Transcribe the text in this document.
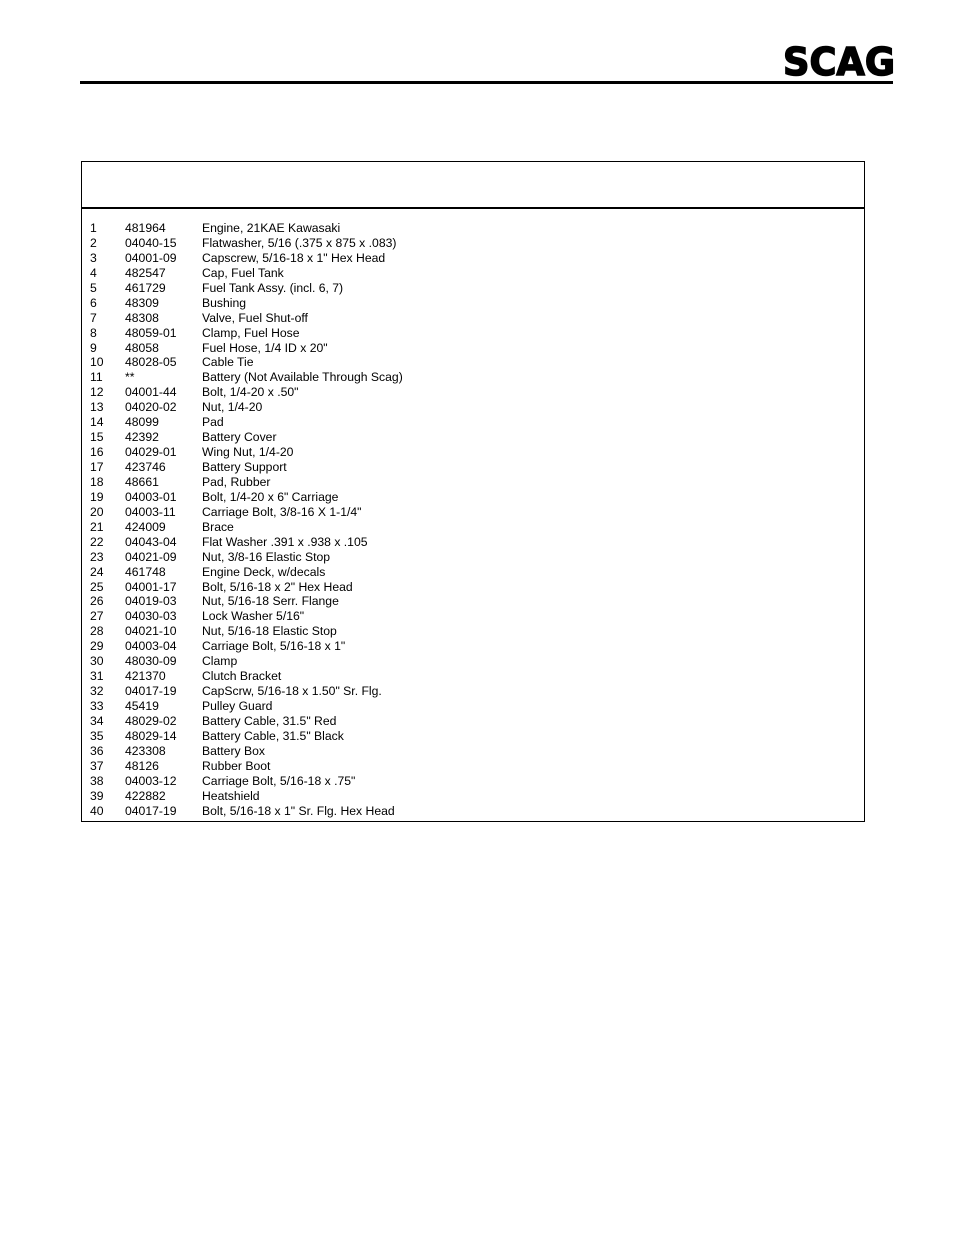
SCAG
1 481964	Engine, 21KAE Kawasaki
2 04040-15 Flatwasher, 5/16 (.375 x 875 x .083)
3 04001-09 Capscrew, 5/16-18 x 1" Hex Head
4 482547	Cap, Fuel Tank
5 461729	Fuel Tank Assy. (incl. 6, 7)
6 48309	Bushing
7 48308	Valve, Fuel Shut-off
8 48059-01 Clamp, Fuel Hose
9 48058	Fuel Hose, 1/4 ID x 20"
10 48028-05 Cable Tie
11 **	Battery (Not Available Through Scag)
12 04001-44 Bolt, 1/4-20 x .50"
13 04020-02 Nut, 1/4-20
14 48099	Pad
15 42392	Battery Cover
16 04029-01 Wing Nut, 1/4-20
17 423746	Battery Support
18 48661	Pad, Rubber
19 04003-01 Bolt, 1/4-20 x 6" Carriage
20 04003-11 Carriage Bolt, 3/8-16 X 1-1/4"
21 424009	Brace
22 04043-04 Flat Washer .391 x .938 x .105
23 04021-09 Nut, 3/8-16 Elastic Stop
24 461748	Engine Deck, w/decals
25 04001-17 Bolt, 5/16-18 x 2" Hex Head
26 04019-03 Nut, 5/16-18 Serr. Flange
27 04030-03 Lock Washer 5/16"
28 04021-10 Nut, 5/16-18 Elastic Stop
29 04003-04 Carriage Bolt, 5/16-18 x 1"
30 48030-09 Clamp
31 421370	Clutch Bracket
32 04017-19 CapScrw, 5/16-18 x 1.50" Sr. Flg.
33 45419	Pulley Guard
34 48029-02 Battery Cable, 31.5" Red
35 48029-14 Battery Cable, 31.5" Black
36 423308	Battery Box
37 48126	Rubber Boot
38 04003-12 Carriage Bolt, 5/16-18 x .75"
39 422882	Heatshield
40 04017-19 Bolt, 5/16-18 x 1" Sr. Flg. Hex Head
